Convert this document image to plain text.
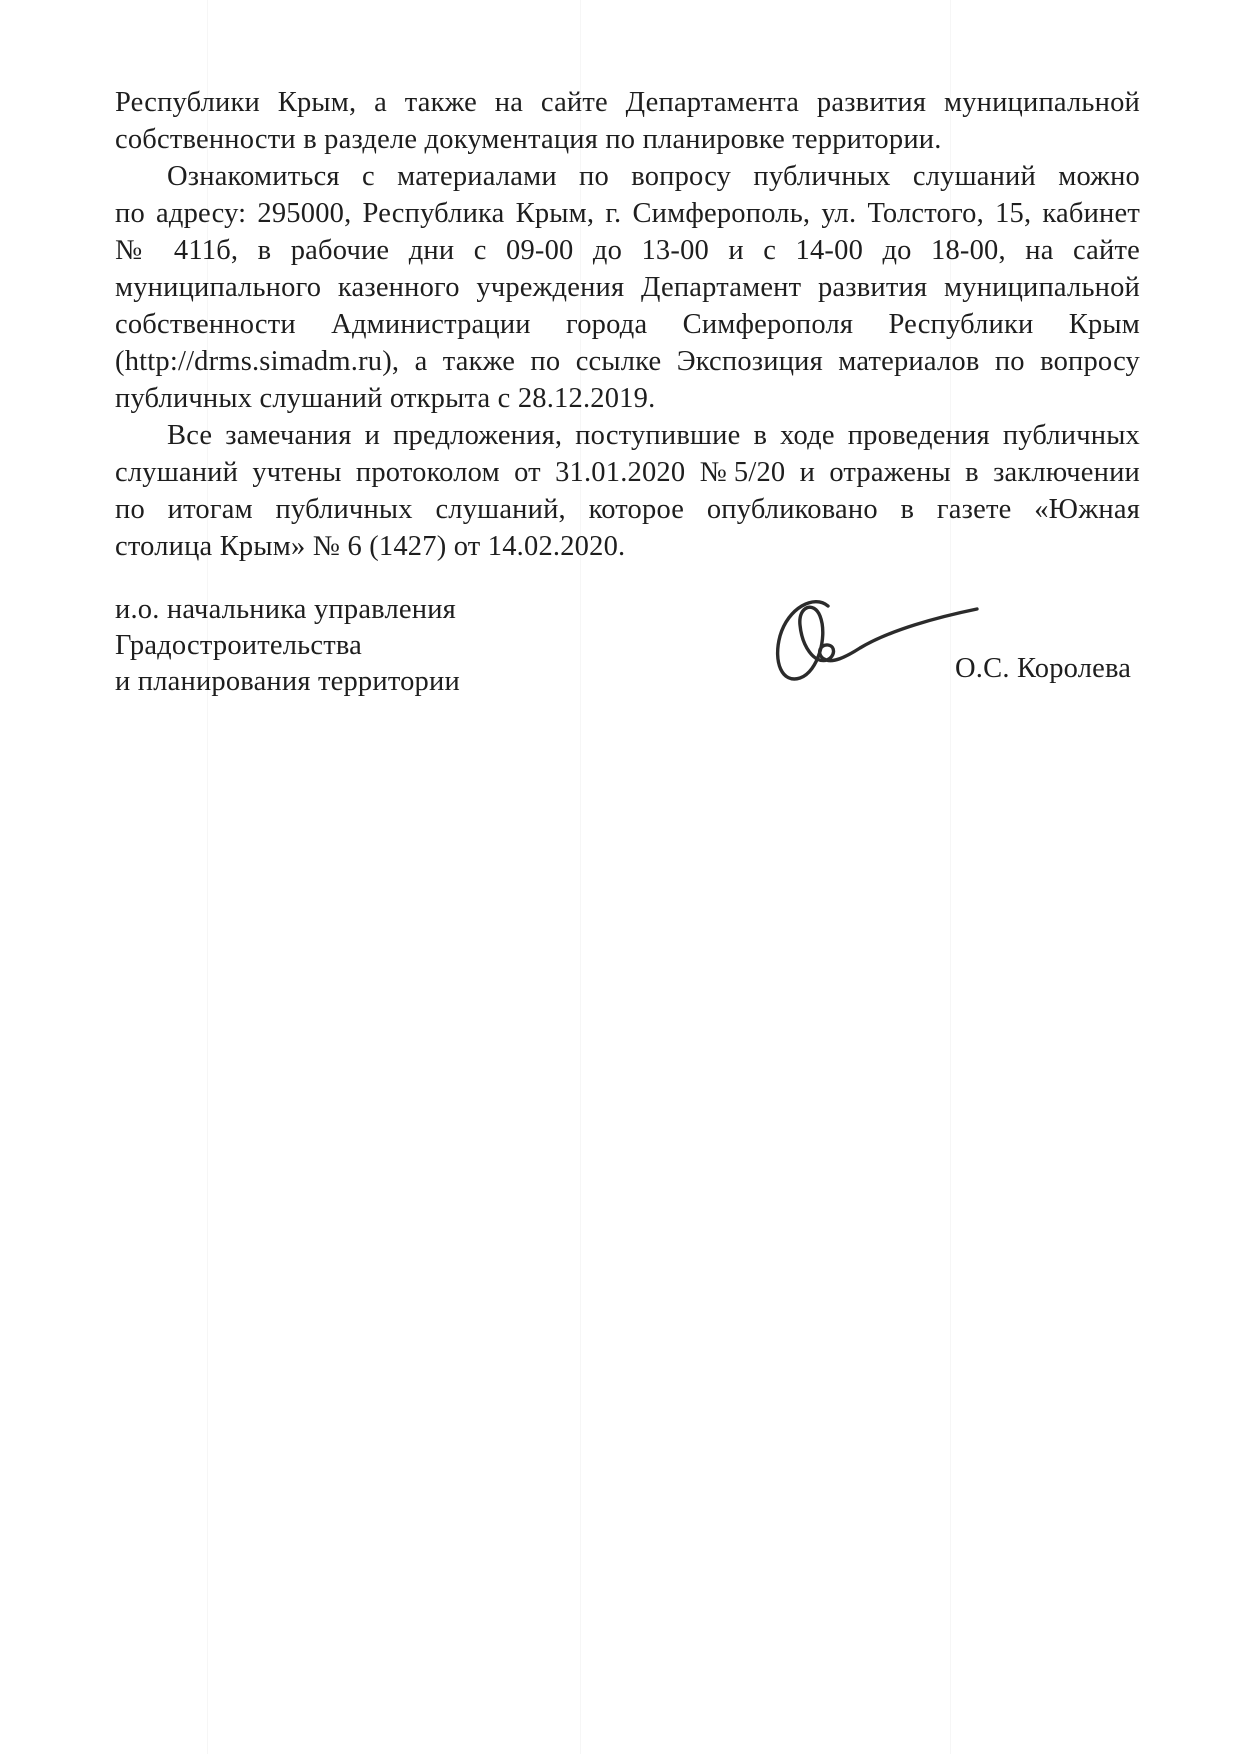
Республики Крым, а также на сайте Департамента развития муниципальной
собственности в разделе документация по планировке территории.
Ознакомиться с материалами по вопросу публичных слушаний можно
по адресу: 295000, Республика Крым, г. Симферополь, ул. Толстого, 15, кабинет
№ 411б, в рабочие дни с 09-00 до 13-00 и с 14-00 до 18-00, на сайте
муниципального казенного учреждения Департамент развития муниципальной
собственности Администрации города Симферополя Республики Крым
(http://drms.simadm.ru), а также по ссылке Экспозиция материалов по вопросу
публичных слушаний открыта с 28.12.2019.
Все замечания и предложения, поступившие в ходе проведения публичных
слушаний учтены протоколом от 31.01.2020 №5/20 и отражены в заключении
по итогам публичных слушаний, которое опубликовано в газете «Южная
столица Крым» № 6 (1427) от 14.02.2020.
и.о. начальника управления
Градостроительства
и планирования территории	О.С. Королева
